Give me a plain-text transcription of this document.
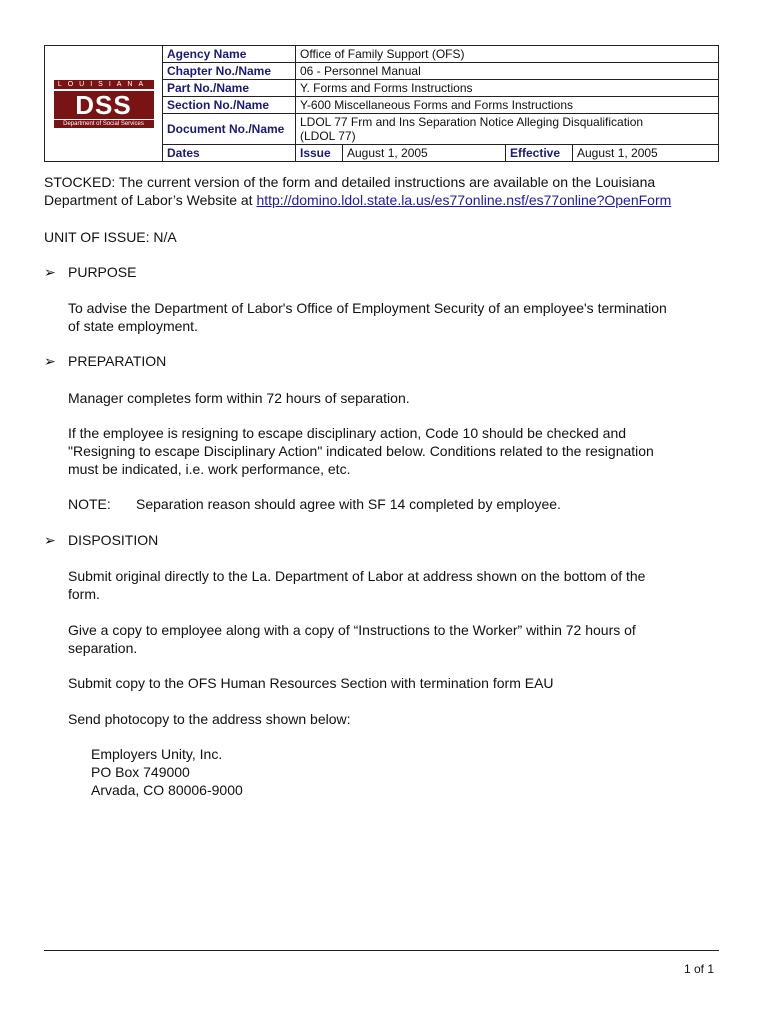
LOUISIANA
DSS
Department of Social Services	Agency Name	Office of Family Support (OFS)

	Chapter No./Name	06 - Personnel Manual

	Part No./Name	Y. Forms and Forms Instructions

	Section No./Name	Y-600 Miscellaneous Forms and Forms Instructions

	Document No./Name	LDOL 77 Frm and Ins Separation Notice Alleging Disqualification
(LDOL 77)

	Dates	Issue August 1, 2005 Effective August 1, 2005
STOCKED: The current version of the form and detailed instructions are available on the Louisiana
Department of Labor’s Website at http://domino.ldol.state.la.us/es77online.nsf/es77online?OpenForm
UNIT OF ISSUE: N/A
➢ PURPOSE
To advise the Department of Labor's Office of Employment Security of an employee's termination
of state employment.
➢ PREPARATION
Manager completes form within 72 hours of separation.
If the employee is resigning to escape disciplinary action, Code 10 should be checked and
"Resigning to escape Disciplinary Action" indicated below. Conditions related to the resignation
must be indicated, i.e. work performance, etc.
NOTE: Separation reason should agree with SF 14 completed by employee.
➢ DISPOSITION
Submit original directly to the La. Department of Labor at address shown on the bottom of the
form.
Give a copy to employee along with a copy of “Instructions to the Worker” within 72 hours of
separation.
Submit copy to the OFS Human Resources Section with termination form EAU
Send photocopy to the address shown below:
Employers Unity, Inc.
PO Box 749000
Arvada, CO 80006-9000
1 of 1
